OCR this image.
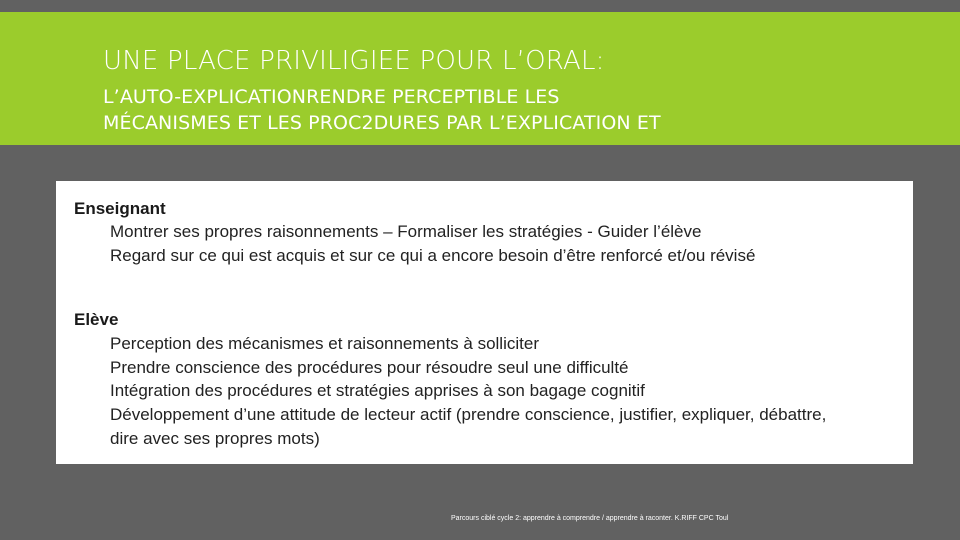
UNE PLACE PRIVILIGIEE POUR L’ORAL:
L’AUTO-EXPLICATIONRENDRE PERCEPTIBLE LES
MÉCANISMES ET LES PROC2DURES PAR L’EXPLICATION ET
Enseignant
Montrer ses propres raisonnements – Formaliser les stratégies - Guider l’élève
Regard sur ce qui est acquis et sur ce qui a encore besoin d’être renforcé et/ou révisé
Elève
Perception des mécanismes et raisonnements à solliciter
Prendre conscience des procédures pour résoudre seul une difficulté
Intégration des procédures et stratégies apprises à son bagage cognitif
Développement d’une attitude de lecteur actif (prendre conscience, justifier, expliquer, débattre,
dire avec ses propres mots)
Parcours ciblé cycle 2: apprendre à comprendre / apprendre à raconter. K.RIFF CPC Toul
